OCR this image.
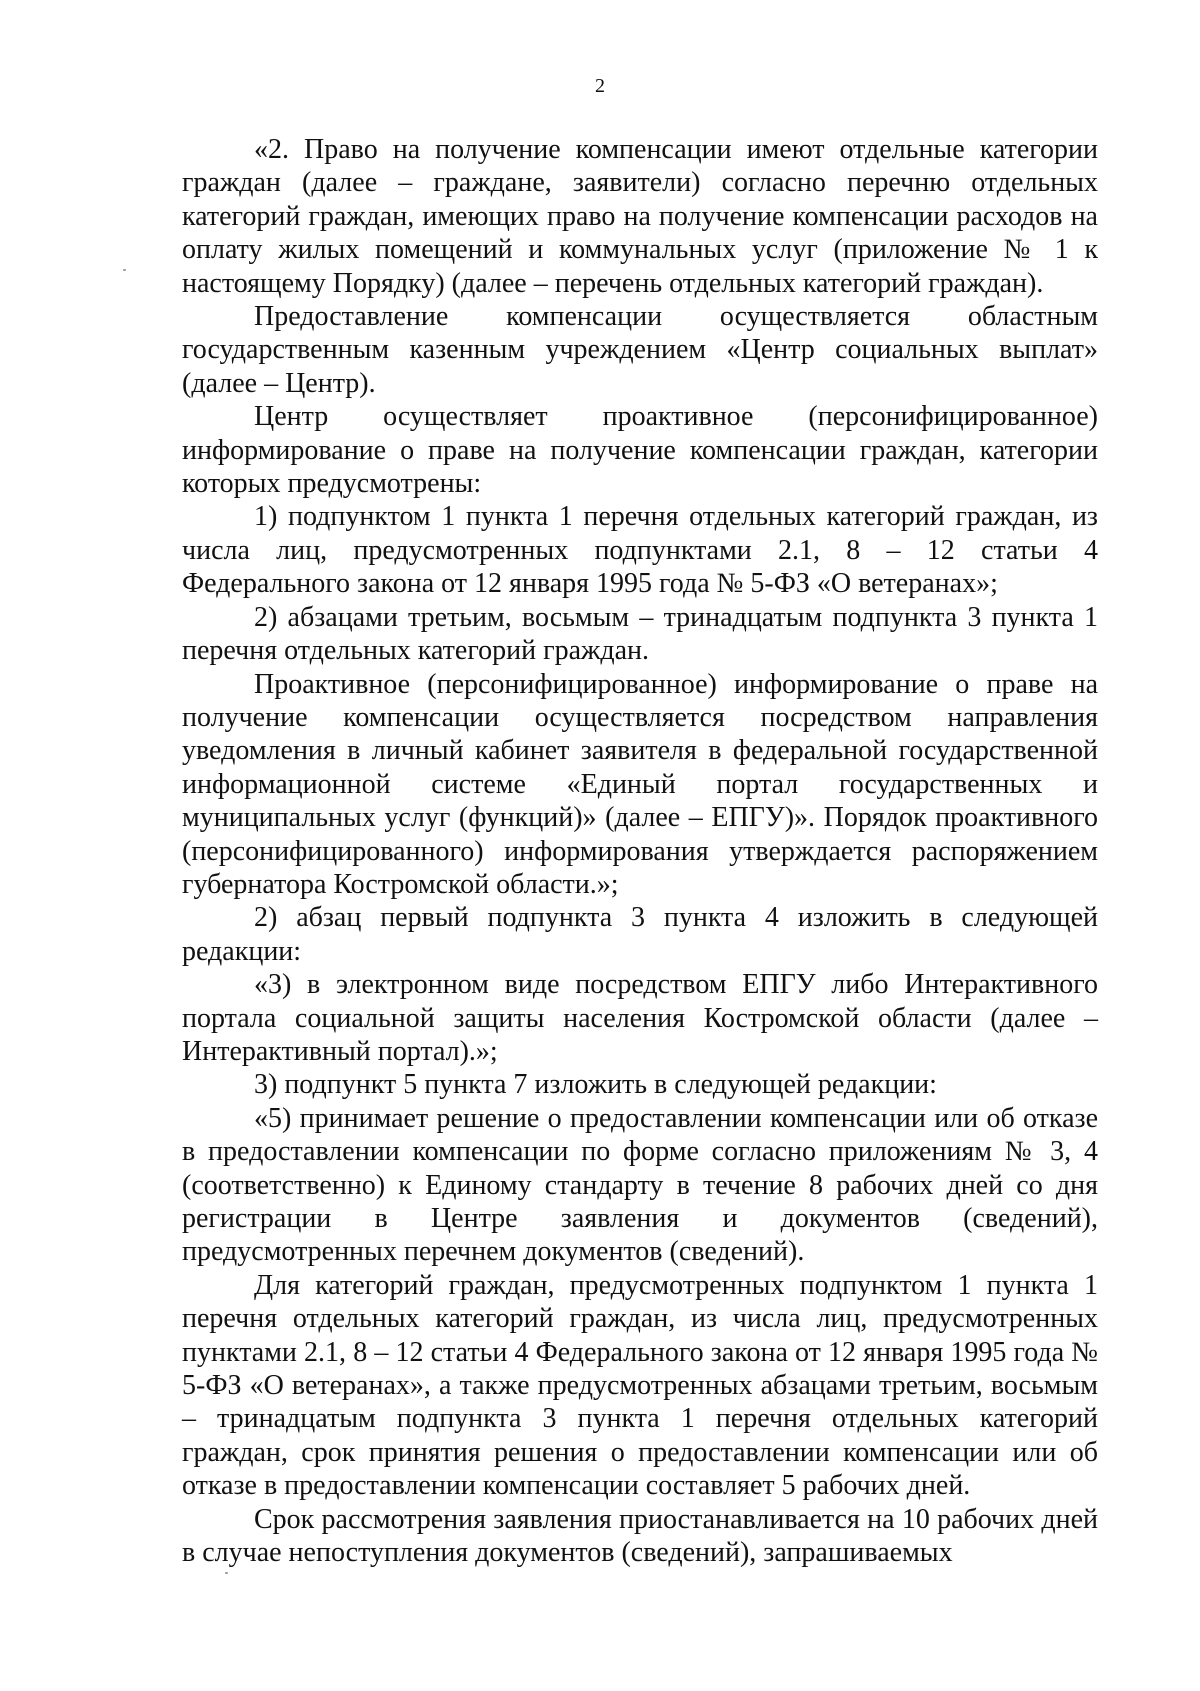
2

«2. Право на получение компенсации имеют отдельные категории граждан (далее – граждане, заявители) согласно перечню отдельных категорий граждан, имеющих право на получение компенсации расходов на оплату жилых помещений и коммунальных услуг (приложение № 1 к настоящему Порядку) (далее – перечень отдельных категорий граждан).

Предоставление компенсации осуществляется областным государственным казенным учреждением «Центр социальных выплат» (далее – Центр).

Центр осуществляет проактивное (персонифицированное) информирование о праве на получение компенсации граждан, категории которых предусмотрены:

1) подпунктом 1 пункта 1 перечня отдельных категорий граждан, из числа лиц, предусмотренных подпунктами 2.1, 8 – 12 статьи 4 Федерального закона от 12 января 1995 года № 5-ФЗ «О ветеранах»;

2) абзацами третьим, восьмым – тринадцатым подпункта 3 пункта 1 перечня отдельных категорий граждан.

Проактивное (персонифицированное) информирование о праве на получение компенсации осуществляется посредством направления уведомления в личный кабинет заявителя в федеральной государственной информационной системе «Единый портал государственных и муниципальных услуг (функций)» (далее – ЕПГУ)». Порядок проактивного (персонифицированного) информирования утверждается распоряжением губернатора Костромской области.»;

2) абзац первый подпункта 3 пункта 4 изложить в следующей редакции:

«3) в электронном виде посредством ЕПГУ либо Интерактивного портала социальной защиты населения Костромской области (далее – Интерактивный портал).»;

3) подпункт 5 пункта 7 изложить в следующей редакции:

«5) принимает решение о предоставлении компенсации или об отказе в предоставлении компенсации по форме согласно приложениям № 3, 4 (соответственно) к Единому стандарту в течение 8 рабочих дней со дня регистрации в Центре заявления и документов (сведений), предусмотренных перечнем документов (сведений).

Для категорий граждан, предусмотренных подпунктом 1 пункта 1 перечня отдельных категорий граждан, из числа лиц, предусмотренных пунктами 2.1, 8 – 12 статьи 4 Федерального закона от 12 января 1995 года № 5-ФЗ «О ветеранах», а также предусмотренных абзацами третьим, восьмым – тринадцатым подпункта 3 пункта 1 перечня отдельных категорий граждан, срок принятия решения о предоставлении компенсации или об отказе в предоставлении компенсации составляет 5 рабочих дней.

Срок рассмотрения заявления приостанавливается на 10 рабочих дней в случае непоступления документов (сведений), запрашиваемых
